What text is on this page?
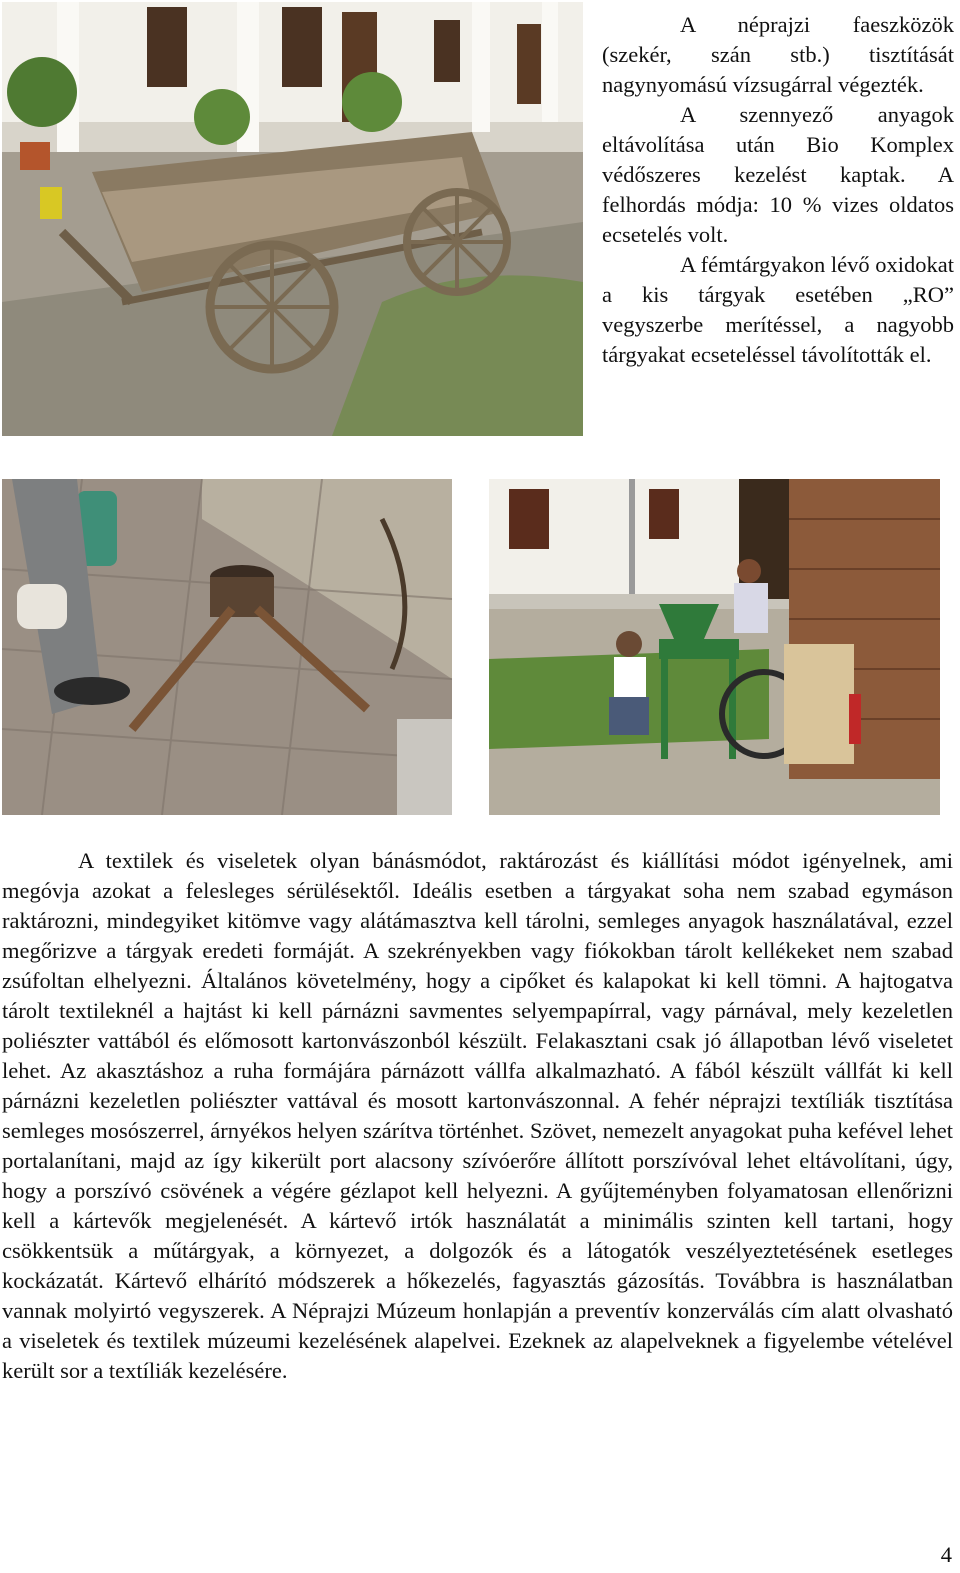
A néprajzi faeszközök (szekér, szán stb.) tisztítását nagynyomású vízsugárral végezték.

A szennyező anyagok eltávolítása után Bio Komplex védőszeres kezelést kaptak. A felhordás módja: 10 % vizes oldatos ecsetelés volt.

A fémtárgyakon lévő oxidokat a kis tárgyak esetében „RO” vegyszerbe merítéssel, a nagyobb tárgyakat ecseteléssel távolították el.

A textilek és viseletek olyan bánásmódot, raktározást és kiállítási módot igényelnek, ami megóvja azokat a felesleges sérülésektől. Ideális esetben a tárgyakat soha nem szabad egymáson raktározni, mindegyiket kitömve vagy alátámasztva kell tárolni, semleges anyagok használatával, ezzel megőrizve a tárgyak eredeti formáját. A szekrényekben vagy fiókokban tárolt kellékeket nem szabad zsúfoltan elhelyezni. Általános követelmény, hogy a cipőket és kalapokat ki kell tömni. A hajtogatva tárolt textileknél a hajtást ki kell párnázni savmentes selyempapírral, vagy párnával, mely kezeletlen poliészter vattából és előmosott kartonvászonból készült. Felakasztani csak jó állapotban lévő viseletet lehet. Az akasztáshoz a ruha formájára párnázott vállfa alkalmazható. A fából készült vállfát ki kell párnázni kezeletlen poliészter vattával és mosott kartonvászonnal. A fehér néprajzi textíliák tisztítása semleges mosószerrel, árnyékos helyen szárítva történhet. Szövet, nemezelt anyagokat puha kefével lehet portalanítani, majd az így kikerült port alacsony szívóerőre állított porszívóval lehet eltávolítani, úgy, hogy a porszívó csövének a végére gézlapot kell helyezni. A gyűjteményben folyamatosan ellenőrizni kell a kártevők megjelenését. A kártevő irtók használatát a minimális szinten kell tartani, hogy csökkentsük a műtárgyak, a környezet, a dolgozók és a látogatók veszélyeztetésének esetleges kockázatát. Kártevő elhárító módszerek a hőkezelés, fagyasztás gázosítás. Továbbra is használatban vannak molyirtó vegyszerek. A Néprajzi Múzeum honlapján a preventív konzerválás cím alatt olvasható a viseletek és textilek múzeumi kezelésének alapelvei. Ezeknek az alapelveknek a figyelembe vételével került sor a textíliák kezelésére.

4
